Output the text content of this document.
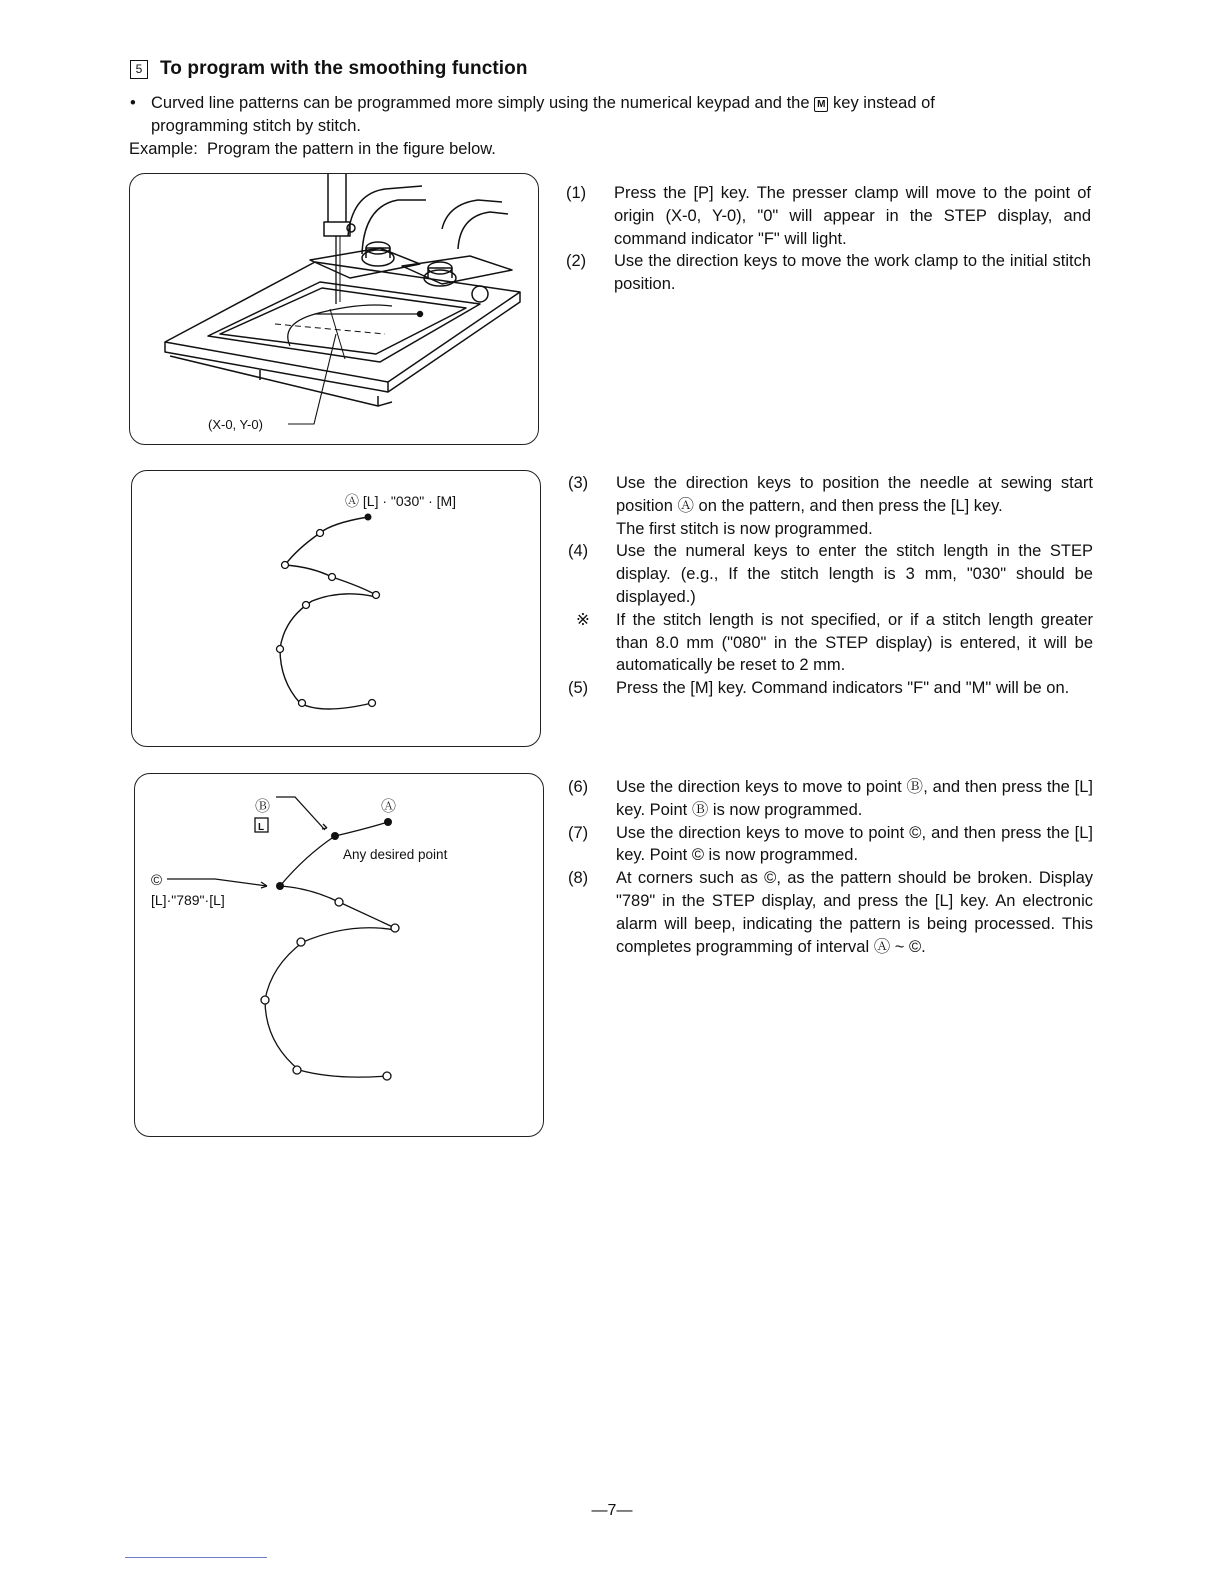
5 To program with the smoothing function
• Curved line patterns can be programmed more simply using the numerical keypad and the M key instead of
programming stitch by stitch.
Example: Program the pattern in the figure below.
(X-0, Y-0)
Ⓐ [L] · "030" · [M]
Ⓑ	Ⓐ
L
©
[L]·"789"·[L]
Any desired point
(1)	Press the [P] key. The presser clamp will move to the point of origin (X-0, Y-0), "0" will appear in the STEP display, and command indicator "F" will light.
(2)	Use the direction keys to move the work clamp to the initial stitch position.
(3)	Use the direction keys to position the needle at sewing start position Ⓐ on the pattern, and then press the [L] key.
The first stitch is now programmed.
(4)	Use the numeral keys to enter the stitch length in the STEP display. (e.g., If the stitch length is 3 mm, "030" should be displayed.)
※	If the stitch length is not specified, or if a stitch length greater than 8.0 mm ("080" in the STEP display) is entered, it will be automatically be reset to 2 mm.
(5)	Press the [M] key. Command indicators "F" and "M" will be on.
(6)	Use the direction keys to move to point Ⓑ, and then press the [L] key. Point Ⓑ is now programmed.
(7)	Use the direction keys to move to point ©, and then press the [L] key. Point © is now programmed.
(8)	At corners such as ©, as the pattern should be broken. Display "789" in the STEP display, and press the [L] key. An electronic alarm will beep, indicating the pattern is being processed. This completes programming of interval Ⓐ ~ ©.
—7—
